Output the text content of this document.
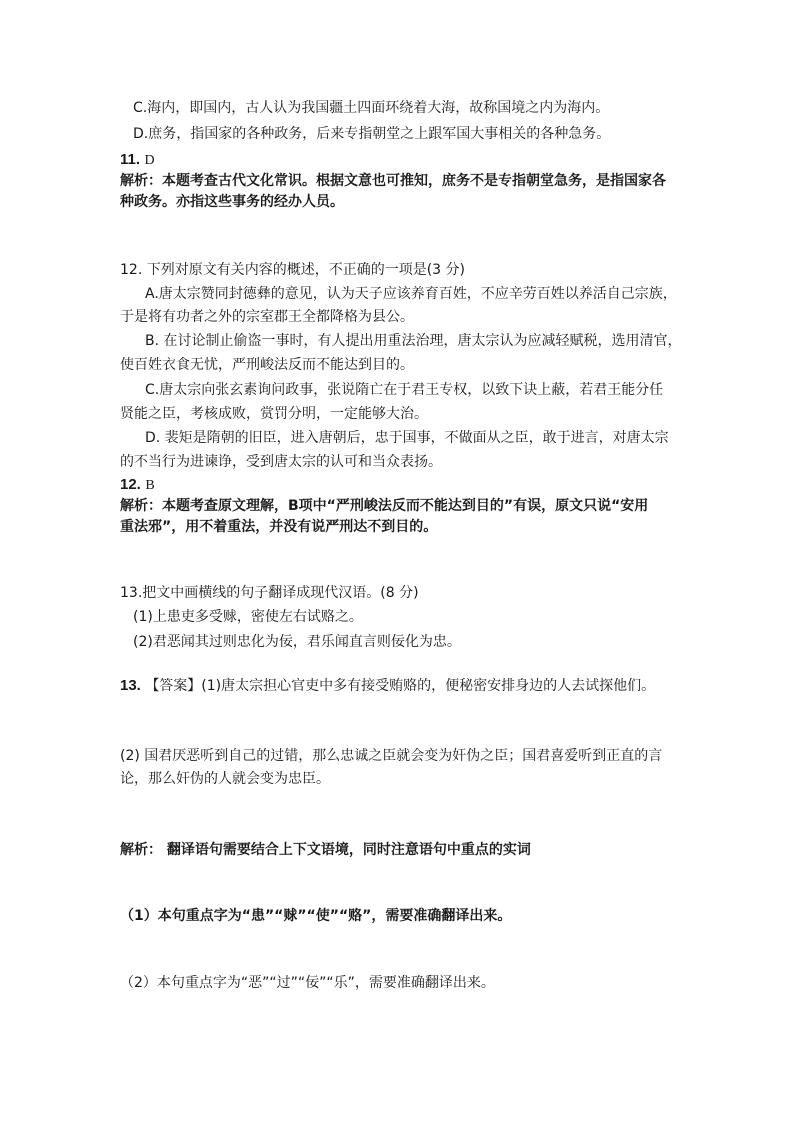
C.海内，即国内，古人认为我国疆土四面环绕着大海，故称国境之内为海内。
D.庶务，指国家的各种政务，后来专指朝堂之上跟军国大事相关的各种急务。
11. D
解析：本题考查古代文化常识。根据文意也可推知，庶务不是专指朝堂急务，是指国家各
种政务。亦指这些事务的经办人员。
12. 下列对原文有关内容的概述，不正确的一项是(3 分)
A.唐太宗赞同封德彝的意见，认为天子应该养育百姓，不应辛劳百姓以养活自己宗族，
于是将有功者之外的宗室郡王全都降格为县公。
B. 在讨论制止偷盗一事时，有人提出用重法治理，唐太宗认为应减轻赋税，选用清官，
使百姓衣食无忧，严刑峻法反而不能达到目的。
C.唐太宗向张玄素询问政事，张说隋亡在于君王专权，以致下诀上蔽，若君王能分任
贤能之臣，考核成败，赏罚分明，一定能够大治。
D. 裴矩是隋朝的旧臣，进入唐朝后，忠于国事，不做面从之臣，敢于进言，对唐太宗
的不当行为进谏诤，受到唐太宗的认可和当众表扬。
12. B
解析：本题考查原文理解，B项中“严刑峻法反而不能达到目的”有误，原文只说“安用
重法邪”，用不着重法，并没有说严刑达不到目的。
13.把文中画横线的句子翻译成现代汉语。(8 分)
(1)上患吏多受赇，密使左右试赂之。
(2)君恶闻其过则忠化为佞，君乐闻直言则佞化为忠。
13. 【答案】(1)唐太宗担心官吏中多有接受贿赂的，便秘密安排身边的人去试探他们。
(2) 国君厌恶听到自己的过错，那么忠诚之臣就会变为奸伪之臣；国君喜爱听到正直的言
论，那么奸伪的人就会变为忠臣。
解析： 翻译语句需要结合上下文语境，同时注意语句中重点的实词
（1）本句重点字为“患”“赇”“使”“赂”，需要准确翻译出来。
（2）本句重点字为“恶”“过”“佞”“乐”，需要准确翻译出来。
